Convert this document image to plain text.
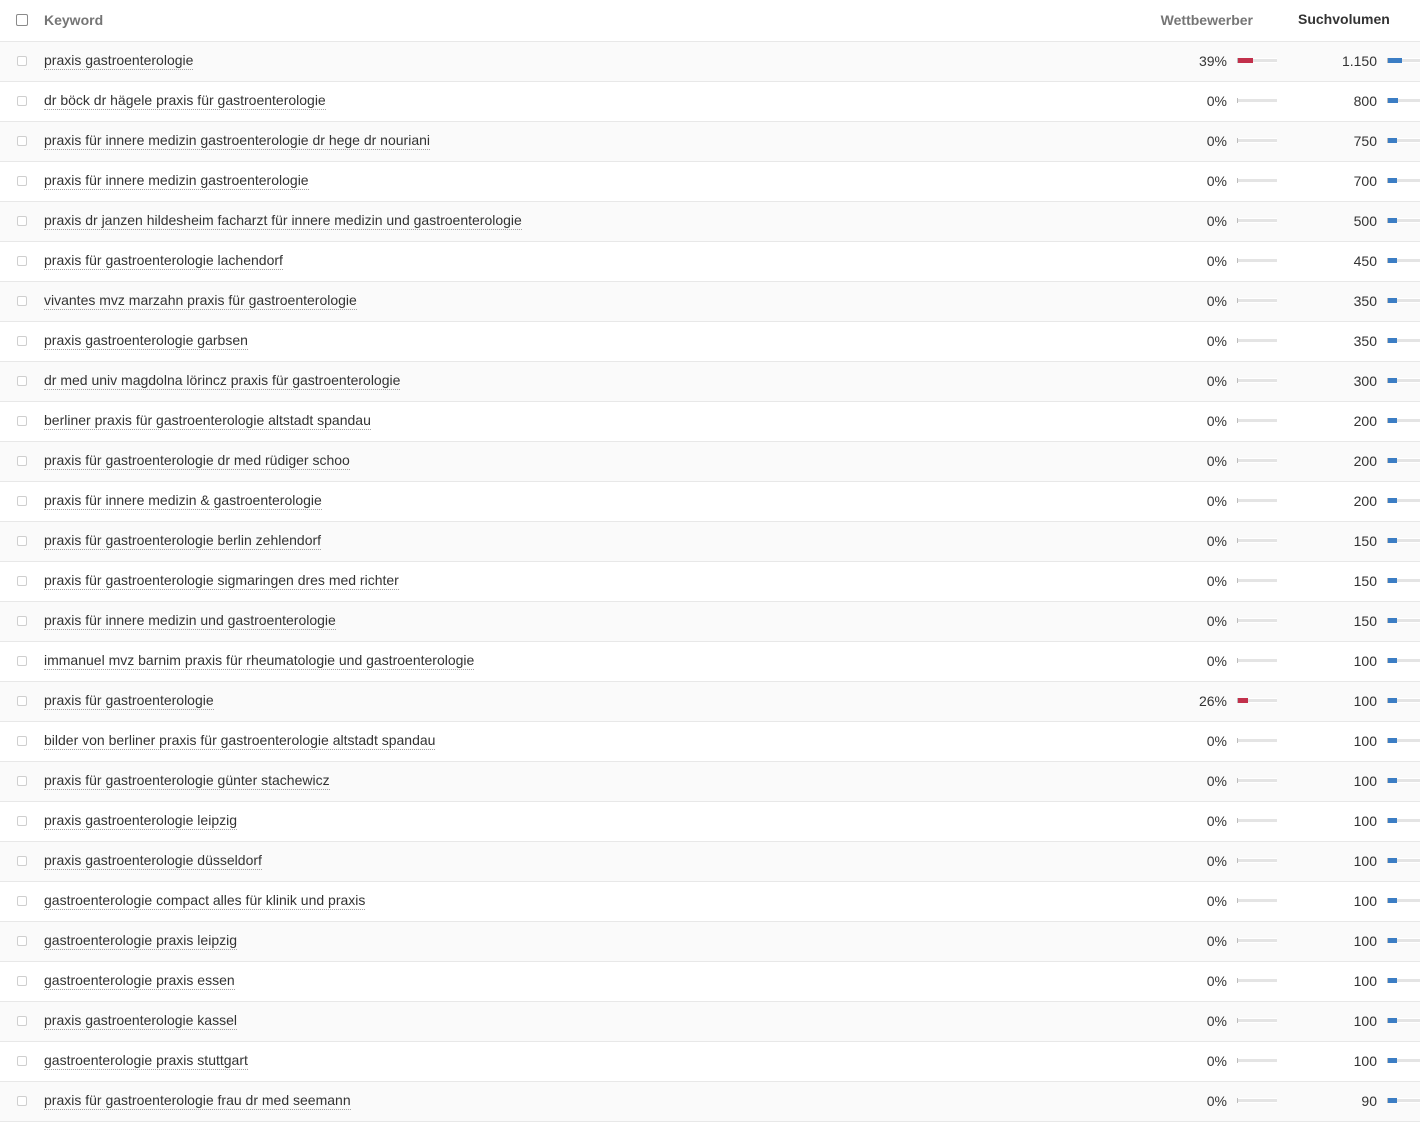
Keyword	Wettbewerber	Suchvolumen
praxis gastroenterologie	39%	1.150
dr böck dr hägele praxis für gastroenterologie	0%	800
praxis für innere medizin gastroenterologie dr hege dr nouriani	0%	750
praxis für innere medizin gastroenterologie	0%	700
praxis dr janzen hildesheim facharzt für innere medizin und gastroenterologie	0%	500
praxis für gastroenterologie lachendorf	0%	450
vivantes mvz marzahn praxis für gastroenterologie	0%	350
praxis gastroenterologie garbsen	0%	350
dr med univ magdolna lörincz praxis für gastroenterologie	0%	300
berliner praxis für gastroenterologie altstadt spandau	0%	200
praxis für gastroenterologie dr med rüdiger schoo	0%	200
praxis für innere medizin & gastroenterologie	0%	200
praxis für gastroenterologie berlin zehlendorf	0%	150
praxis für gastroenterologie sigmaringen dres med richter	0%	150
praxis für innere medizin und gastroenterologie	0%	150
immanuel mvz barnim praxis für rheumatologie und gastroenterologie	0%	100
praxis für gastroenterologie	26%	100
bilder von berliner praxis für gastroenterologie altstadt spandau	0%	100
praxis für gastroenterologie günter stachewicz	0%	100
praxis gastroenterologie leipzig	0%	100
praxis gastroenterologie düsseldorf	0%	100
gastroenterologie compact alles für klinik und praxis	0%	100
gastroenterologie praxis leipzig	0%	100
gastroenterologie praxis essen	0%	100
praxis gastroenterologie kassel	0%	100
gastroenterologie praxis stuttgart	0%	100
praxis für gastroenterologie frau dr med seemann	0%	90
